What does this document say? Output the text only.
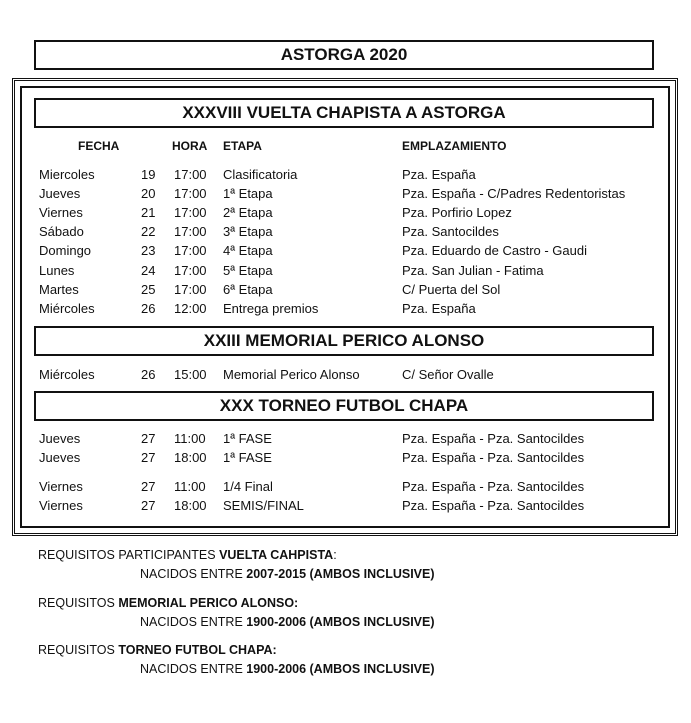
ASTORGA 2020
XXXVIII VUELTA CHAPISTA A ASTORGA
FECHA	HORA ETAPA	EMPLAZAMIENTO
Miercoles	19 17:00 Clasificatoria	Pza. España
Jueves	20 17:00 1ª Etapa	Pza. España - C/Padres Redentoristas
Viernes	21 17:00 2ª Etapa	Pza. Porfirio Lopez
Sábado	22 17:00 3ª Etapa	Pza. Santocildes
Domingo	23 17:00 4ª Etapa	Pza. Eduardo de Castro - Gaudi
Lunes	24 17:00 5ª Etapa	Pza. San Julian - Fatima
Martes	25 17:00 6ª Etapa	C/ Puerta del Sol
Miércoles	26 12:00 Entrega premios	Pza. España
XXIII MEMORIAL PERICO ALONSO
Miércoles	26 15:00 Memorial Perico Alonso	C/ Señor Ovalle
XXX TORNEO FUTBOL CHAPA
Jueves	27 11:00 1ª FASE	Pza. España - Pza. Santocildes
Jueves	27 18:00 1ª FASE	Pza. España - Pza. Santocildes
Viernes	27 11:00 1/4 Final	Pza. España - Pza. Santocildes
Viernes	27 18:00 SEMIS/FINAL	Pza. España - Pza. Santocildes
REQUISITOS PARTICIPANTES VUELTA CAHPISTA:
NACIDOS ENTRE 2007-2015 (AMBOS INCLUSIVE)
REQUISITOS MEMORIAL PERICO ALONSO:
NACIDOS ENTRE 1900-2006 (AMBOS INCLUSIVE)
REQUISITOS TORNEO FUTBOL CHAPA:
NACIDOS ENTRE 1900-2006 (AMBOS INCLUSIVE)
